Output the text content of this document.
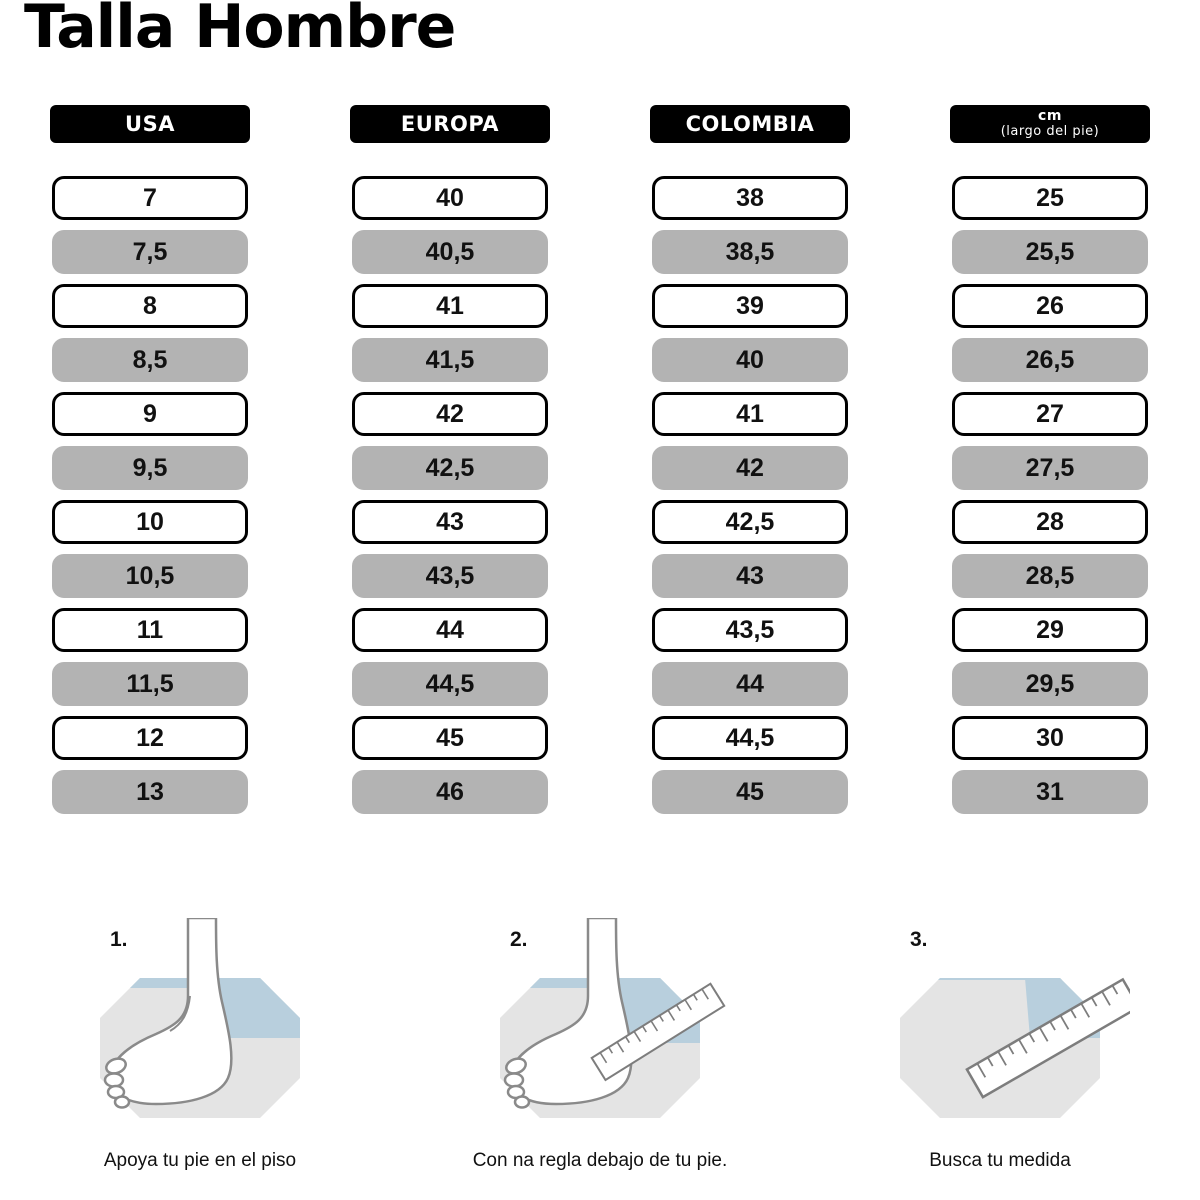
Talla Hombre
USA
7
7,5
8
8,5
9
9,5
10
10,5
11
11,5
12
13
EUROPA
40
40,5
41
41,5
42
42,5
43
43,5
44
44,5
45
46
COLOMBIA
38
38,5
39
40
41
42
42,5
43
43,5
44
44,5
45
cm
(largo del pie)
25
25,5
26
26,5
27
27,5
28
28,5
29
29,5
30
31
1.
Apoya tu pie en el piso
2.
Con na regla debajo de tu pie.
3.
Busca tu medida
